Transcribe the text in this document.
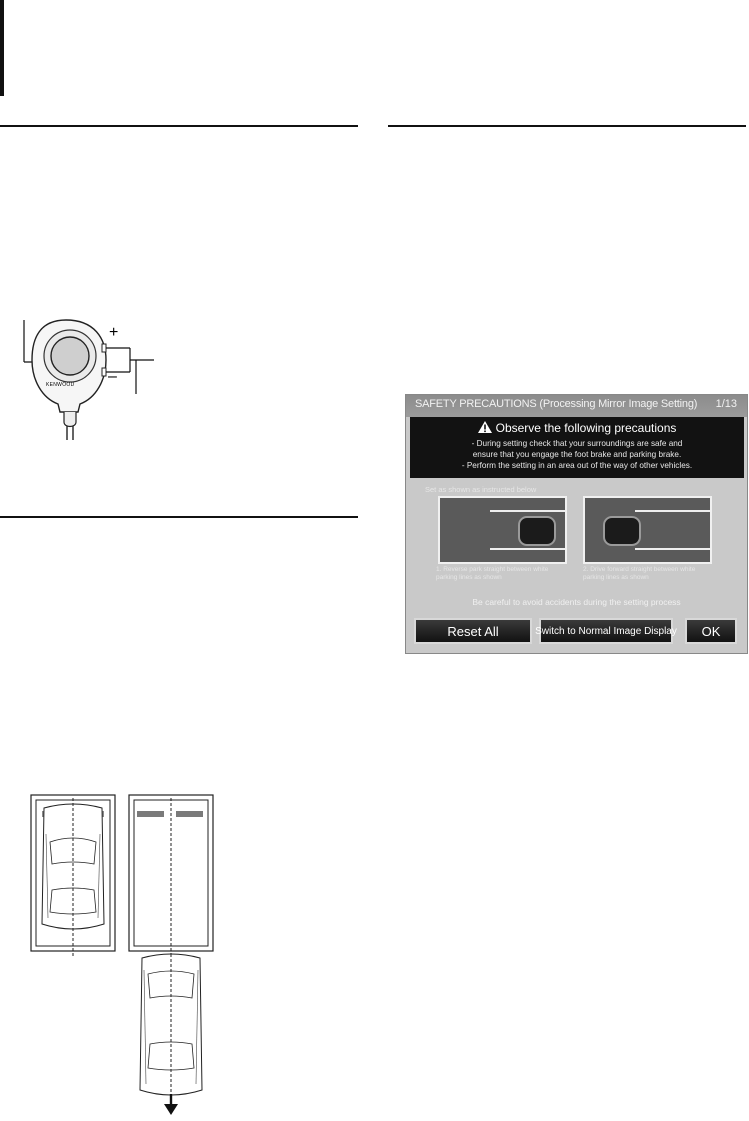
+
–
KENWOOD
SAFETY PRECAUTIONS (Processing Mirror Image Setting) 1/13
Observe the following precautions
- During setting check that your surroundings are safe and
ensure that you engage the foot brake and parking brake.
- Perform the setting in an area out of the way of other vehicles.
Set as shown as instructed below
1. Reverse park straight between white parking lines as shown
2. Drive forward straight between white parking lines as shown
Be careful to avoid accidents during the setting process
Reset All	Switch to Normal Image Display	OK
